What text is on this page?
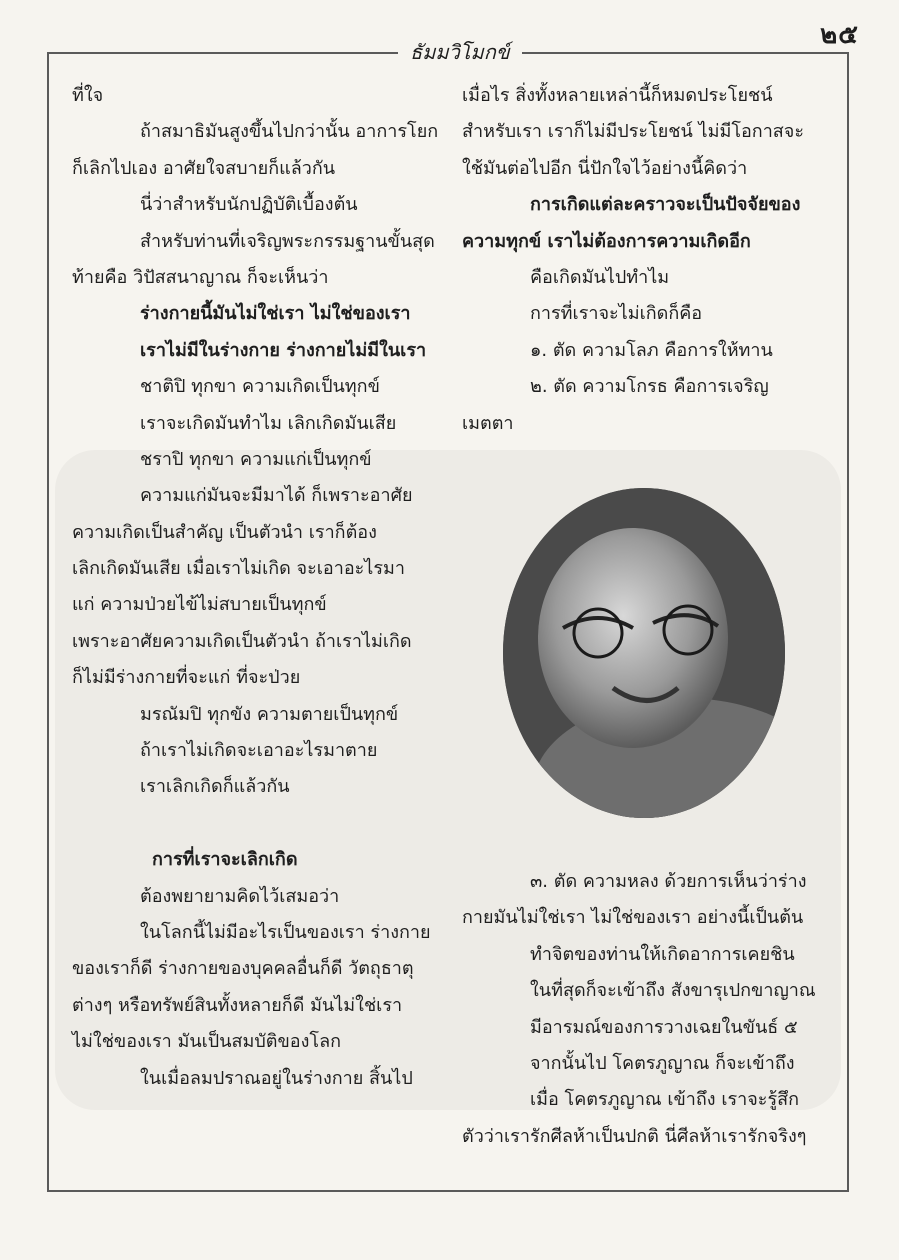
๒๕
ธัมมวิโมกข์
ที่ใจ
ถ้าสมาธิมันสูงขึ้นไปกว่านั้น อาการโยก
ก็เลิกไปเอง อาศัยใจสบายก็แล้วกัน
นี่ว่าสำหรับนักปฏิบัติเบื้องต้น
สำหรับท่านที่เจริญพระกรรมฐานขั้นสุด
ท้ายคือ วิปัสสนาญาณ ก็จะเห็นว่า
ร่างกายนี้มันไม่ใช่เรา ไม่ใช่ของเรา
เราไม่มีในร่างกาย ร่างกายไม่มีในเรา
ชาติปิ ทุกขา ความเกิดเป็นทุกข์
เราจะเกิดมันทำไม เลิกเกิดมันเสีย
ชราปิ ทุกขา ความแก่เป็นทุกข์
ความแก่มันจะมีมาได้ ก็เพราะอาศัย
ความเกิดเป็นสำคัญ เป็นตัวนำ เราก็ต้อง
เลิกเกิดมันเสีย เมื่อเราไม่เกิด จะเอาอะไรมา
แก่ ความป่วยไข้ไม่สบายเป็นทุกข์
เพราะอาศัยความเกิดเป็นตัวนำ ถ้าเราไม่เกิด
ก็ไม่มีร่างกายที่จะแก่ ที่จะป่วย
มรณัมปิ ทุกขัง ความตายเป็นทุกข์
ถ้าเราไม่เกิดจะเอาอะไรมาตาย
เราเลิกเกิดก็แล้วกัน
การที่เราจะเลิกเกิด
ต้องพยายามคิดไว้เสมอว่า
ในโลกนี้ไม่มีอะไรเป็นของเรา ร่างกาย
ของเราก็ดี ร่างกายของบุคคลอื่นก็ดี วัตถุธาตุ
ต่างๆ หรือทรัพย์สินทั้งหลายก็ดี มันไม่ใช่เรา
ไม่ใช่ของเรา มันเป็นสมบัติของโลก
ในเมื่อลมปราณอยู่ในร่างกาย สิ้นไป
เมื่อไร สิ่งทั้งหลายเหล่านี้ก็หมดประโยชน์
สำหรับเรา เราก็ไม่มีประโยชน์ ไม่มีโอกาสจะ
ใช้มันต่อไปอีก นี่ปักใจไว้อย่างนี้คิดว่า
การเกิดแต่ละคราวจะเป็นปัจจัยของ
ความทุกข์ เราไม่ต้องการความเกิดอีก
คือเกิดมันไปทำไม
การที่เราจะไม่เกิดก็คือ
๑. ตัด ความโลภ คือการให้ทาน
๒. ตัด ความโกรธ คือการเจริญ
เมตตา
๓. ตัด ความหลง ด้วยการเห็นว่าร่าง
กายมันไม่ใช่เรา ไม่ใช่ของเรา อย่างนี้เป็นต้น
ทำจิตของท่านให้เกิดอาการเคยชิน
ในที่สุดก็จะเข้าถึง สังขารุเปกขาญาณ
มีอารมณ์ของการวางเฉยในขันธ์ ๕
จากนั้นไป โคตรภูญาณ ก็จะเข้าถึง
เมื่อ โคตรภูญาณ เข้าถึง เราจะรู้สึก
ตัวว่าเรารักศีลห้าเป็นปกติ นี่ศีลห้าเรารักจริงๆ
